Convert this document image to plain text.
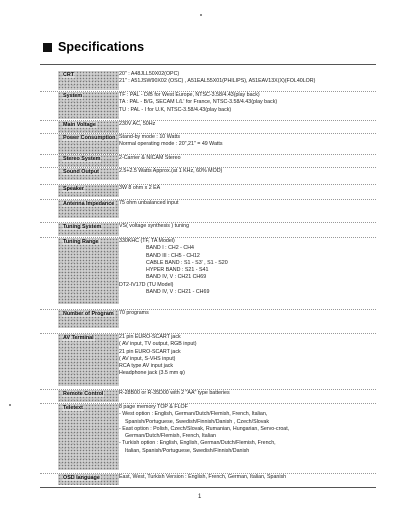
Specifications
CRT	20" : A48JLL50X02(OPC)
21" : A51JSW90X02 (OSC) , A51EAL55X01(PHILIPS), A51EAV13X(X)(FOL40LOR)
System	TF : PAL - D/B for West Europe, NTSC-3.58/4.43(play back)
TA : PAL - B/G, SECAM L/L' for France, NTSC-3.58/4.43(play back)
TU : PAL - I for U.K, NTSC-3.58/4.43(play back)
Main Voltage	230V AC, 50Hz
Power Consumption Stand-by mode : 10 Watts
Normal operating mode : 20",21" = 49 Watts
Stereo System	2-Carrier & NICAM Stereo
Sound Output	2.5+2.5 Watts Approx.(at 1 KHz, 60% MOD)
Speaker	3W 8 ohm x 2 EA
Antenna Impedance 75 ohm unbalanced input
Tuning System	VS( voltage synthesis ) tuning
Tuning Range	330KHC (TF, TA Model)
BAND I : CH2 - CH4
BAND III : CH5 - CH12
CABLE BAND : S1 - S3' , S1 - S20
HYPER BAND : S21 - S41
BAND IV, V : CH21 CH69
DT2-IV17D (TU Model)
BAND IV, V : CH21 - CH69
Number of Program 70 programs
AV Terminal	21 pin EURO-SCART jack
( AV input, TV output, RGB input)
21 pin EURO-SCART jack
( AV input, S-VHS input)
RCA type AV input jack
Headphone jack (3.5 mm φ)
Remote Control	R-28B00 or R-35D00 with 2 "AA" type batteries
Teletext	8 page memory TOP & FLOF
- West option : English, German/Dutch/Flemish, French, Italian,
Spanish/Portuguese, Swedish/Finnish/Danish , Czech/Slovak
- East option : Polish, Czech/Slovak, Rumanian, Hungarian, Servo-croat,
German/Dutch/Flemish, French, Italian
- Turkish option : English, English, German/Dutch/Flemish, French,
Italian, Spanish/Portuguese, Swedish/Finnish/Danish
OSD language	East, West, Turkish Version : English, French, German, Italian, Spanish
1
